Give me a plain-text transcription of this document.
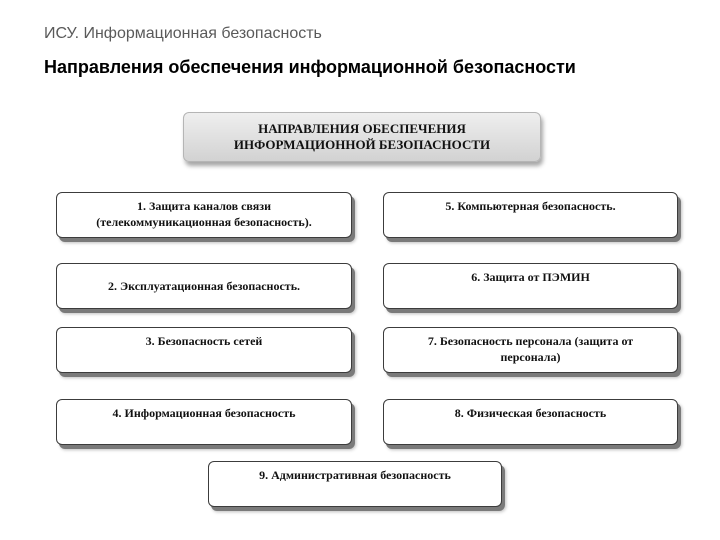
ИСУ. Информационная безопасность
Направления обеспечения информационной безопасности
НАПРАВЛЕНИЯ ОБЕСПЕЧЕНИЯ
ИНФОРМАЦИОННОЙ БЕЗОПАСНОСТИ
1. Защита каналов связи
(телекоммуникационная безопасность).
2. Эксплуатационная безопасность.
3. Безопасность сетей
4. Информационная безопасность
5. Компьютерная безопасность.
6. Защита от ПЭМИН
7. Безопасность персонала (защита от
персонала)
8. Физическая безопасность
9. Административная безопасность
